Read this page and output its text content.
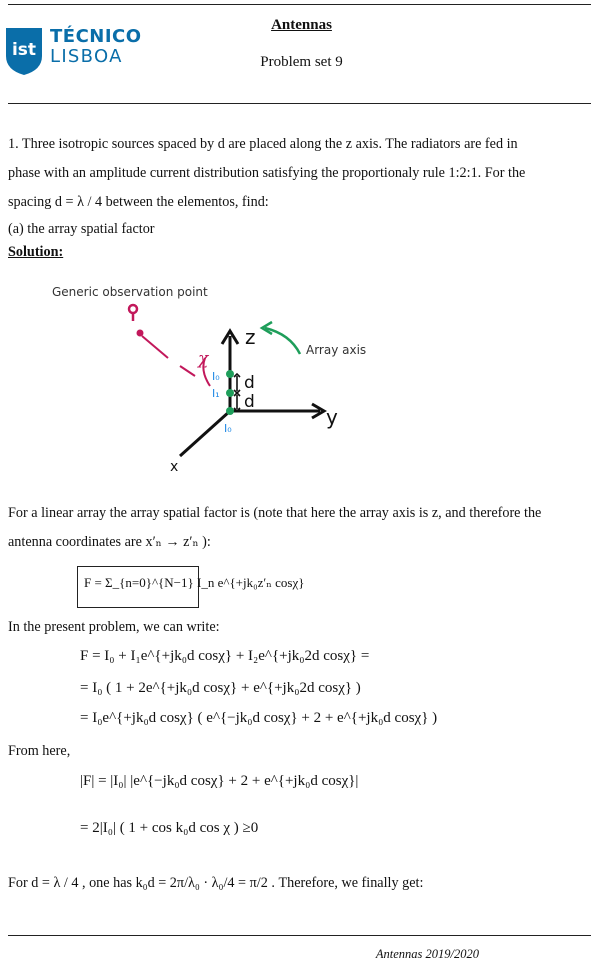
ist
TÉCNICO
LISBOA
Antennas
Problem set 9
1. Three isotropic sources spaced by d are placed along the z axis. The radiators are fed in
phase with an amplitude current distribution satisfying the proportionaly rule 1:2:1. For the
spacing d = λ / 4 between the elementos, find:
(a) the array spatial factor
Solution:
Generic observation point
z
y
x
Array axis
χ
I₀
I₁
I₀
d
d
For a linear array the array spatial factor is (note that here the array axis is z, and therefore the
antenna coordinates are x′ₙ → z′ₙ ):
F = Σ_{n=0}^{N−1} I_n e^{+jk₀z′ₙ cosχ}
In the present problem, we can write:
F = I₀ + I₁e^{+jk₀d cosχ} + I₂e^{+jk₀2d cosχ} =
= I₀ ( 1 + 2e^{+jk₀d cosχ} + e^{+jk₀2d cosχ} )
= I₀e^{+jk₀d cosχ} ( e^{−jk₀d cosχ} + 2 + e^{+jk₀d cosχ} )
From here,
|F| = |I₀| |e^{−jk₀d cosχ} + 2 + e^{+jk₀d cosχ}|
= 2|I₀| ( 1 + cos k₀d cos χ ) ≥0
For d = λ / 4 , one has k₀d = 2π/λ₀ · λ₀/4 = π/2 . Therefore, we finally get:
Antennas 2019/2020
